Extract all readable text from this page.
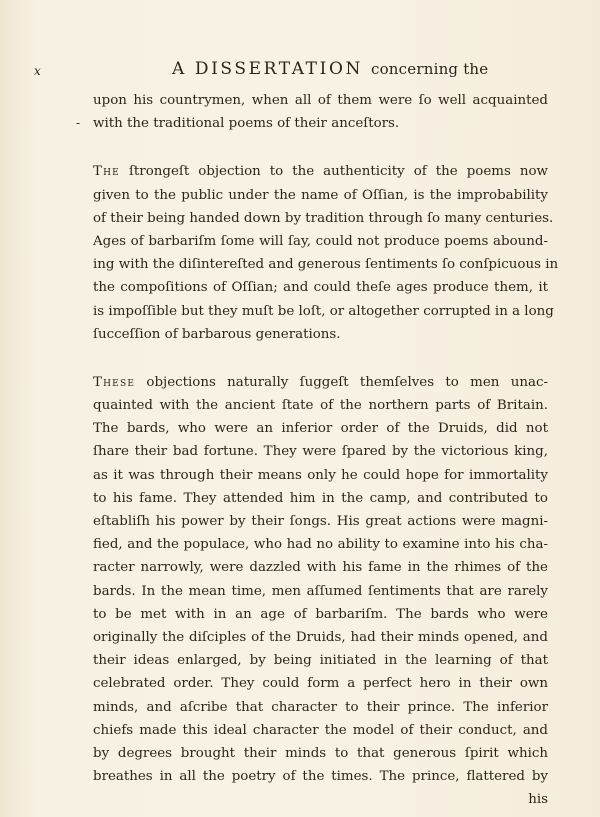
x	A DISSERTATION concerning the
-
upon his countrymen, when all of them were ſo well acquainted
with the traditional poems of their anceſtors.
The ſtrongeſt objection to the authenticity of the poems now
given to the public under the name of Oſſian, is the improbability
of their being handed down by tradition through ſo many centuries.
Ages of barbariſm ſome will ſay, could not produce poems abound-
ing with the diſintereſted and generous ſentiments ſo conſpicuous in
the compoſitions of Oſſian; and could theſe ages produce them, it
is impoſſible but they muſt be loſt, or altogether corrupted in a long
ſucceſſion of barbarous generations.
These objections naturally ſuggeſt themſelves to men unac-
quainted with the ancient ſtate of the northern parts of Britain.
The bards, who were an inferior order of the Druids, did not
ſhare their bad fortune. They were ſpared by the victorious king,
as it was through their means only he could hope for immortality
to his fame. They attended him in the camp, and contributed to
eſtabliſh his power by their ſongs. His great actions were magni-
fied, and the populace, who had no ability to examine into his cha-
racter narrowly, were dazzled with his fame in the rhimes of the
bards. In the mean time, men aſſumed ſentiments that are rarely
to be met with in an age of barbariſm. The bards who were
originally the diſciples of the Druids, had their minds opened, and
their ideas enlarged, by being initiated in the learning of that
celebrated order. They could form a perfect hero in their own
minds, and aſcribe that character to their prince. The inferior
chiefs made this ideal character the model of their conduct, and
by degrees brought their minds to that generous ſpirit which
breathes in all the poetry of the times. The prince, flattered by
his
